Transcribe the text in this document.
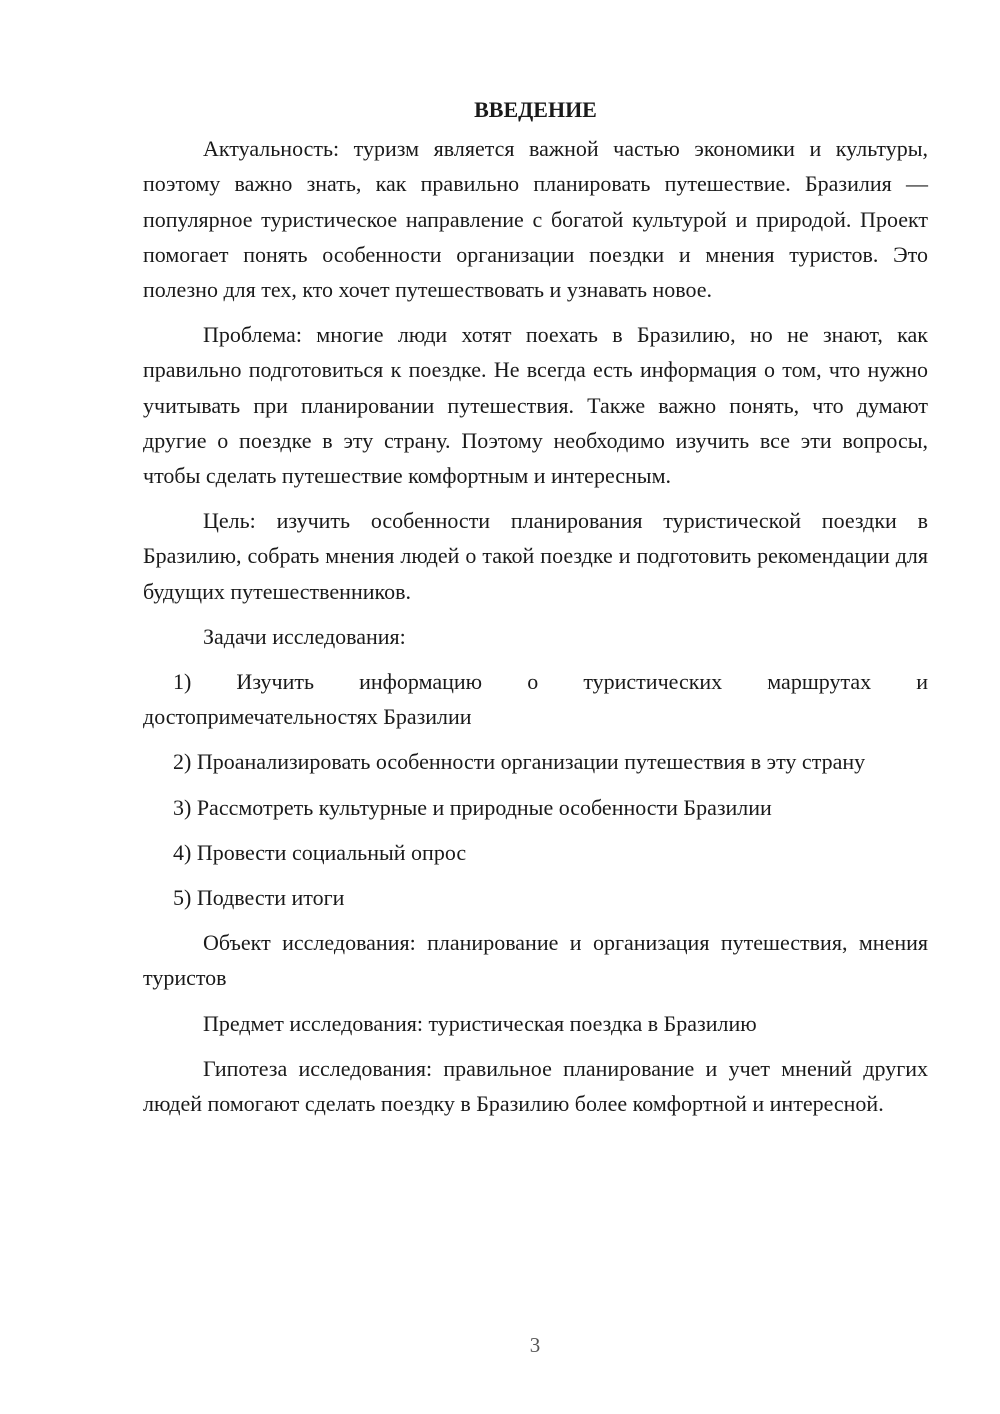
ВВЕДЕНИЕ

Актуальность: туризм является важной частью экономики и культуры, поэтому важно знать, как правильно планировать путешествие. Бразилия — популярное туристическое направление с богатой культурой и природой. Проект помогает понять особенности организации поездки и мнения туристов. Это полезно для тех, кто хочет путешествовать и узнавать новое.

Проблема: многие люди хотят поехать в Бразилию, но не знают, как правильно подготовиться к поездке. Не всегда есть информация о том, что нужно учитывать при планировании путешествия. Также важно понять, что думают другие о поездке в эту страну. Поэтому необходимо изучить все эти вопросы, чтобы сделать путешествие комфортным и интересным.

Цель: изучить особенности планирования туристической поездки в Бразилию, собрать мнения людей о такой поездке и подготовить рекомендации для будущих путешественников.

Задачи исследования:

1) Изучить информацию о туристических маршрутах и достопримечательностях Бразилии

2) Проанализировать особенности организации путешествия в эту страну

3) Рассмотреть культурные и природные особенности Бразилии

4) Провести социальный опрос

5) Подвести итоги

Объект исследования: планирование и организация путешествия, мнения туристов

Предмет исследования: туристическая поездка в Бразилию

Гипотеза исследования: правильное планирование и учет мнений других людей помогают сделать поездку в Бразилию более комфортной и интересной.

3
